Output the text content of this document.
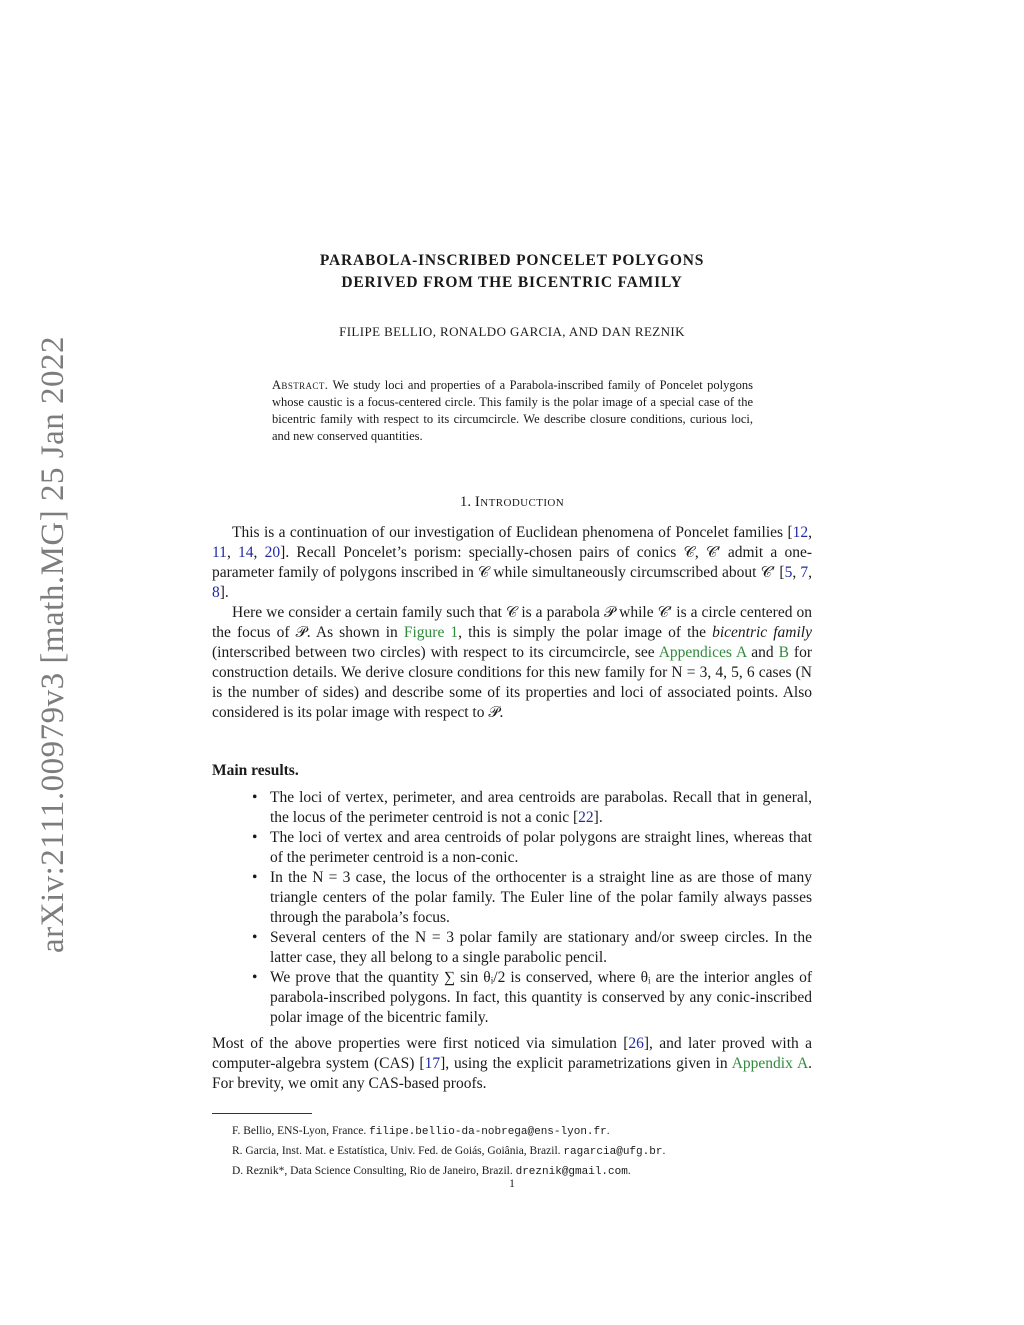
arXiv:2111.00979v3 [math.MG] 25 Jan 2022
PARABOLA-INSCRIBED PONCELET POLYGONS
DERIVED FROM THE BICENTRIC FAMILY
FILIPE BELLIO, RONALDO GARCIA, AND DAN REZNIK
Abstract. We study loci and properties of a Parabola-inscribed family of Poncelet polygons whose caustic is a focus-centered circle. This family is the polar image of a special case of the bicentric family with respect to its circumcircle. We describe closure conditions, curious loci, and new conserved quantities.
1. Introduction

This is a continuation of our investigation of Euclidean phenomena of Poncelet families [12, 11, 14, 20]. Recall Poncelet’s porism: specially-chosen pairs of conics 𝒞, 𝒞′ admit a one-parameter family of polygons inscribed in 𝒞 while simultaneously circumscribed about 𝒞′ [5, 7, 8].

Here we consider a certain family such that 𝒞 is a parabola 𝒫 while 𝒞′ is a circle centered on the focus of 𝒫. As shown in Figure 1, this is simply the polar image of the bicentric family (interscribed between two circles) with respect to its circumcircle, see Appendices A and B for construction details. We derive closure conditions for this new family for N = 3, 4, 5, 6 cases (N is the number of sides) and describe some of its properties and loci of associated points. Also considered is its polar image with respect to 𝒫.

Main results.
• The loci of vertex, perimeter, and area centroids are parabolas. Recall that in general, the locus of the perimeter centroid is not a conic [22].
• The loci of vertex and area centroids of polar polygons are straight lines, whereas that of the perimeter centroid is a non-conic.
• In the N = 3 case, the locus of the orthocenter is a straight line as are those of many triangle centers of the polar family. The Euler line of the polar family always passes through the parabola’s focus.
• Several centers of the N = 3 polar family are stationary and/or sweep circles. In the latter case, they all belong to a single parabolic pencil.
• We prove that the quantity ∑ sin θᵢ/2 is conserved, where θᵢ are the interior angles of parabola-inscribed polygons. In fact, this quantity is conserved by any conic-inscribed polar image of the bicentric family.

Most of the above properties were first noticed via simulation [26], and later proved with a computer-algebra system (CAS) [17], using the explicit parametrizations given in Appendix A. For brevity, we omit any CAS-based proofs.

F. Bellio, ENS-Lyon, France. filipe.bellio-da-nobrega@ens-lyon.fr.
R. Garcia, Inst. Mat. e Estatística, Univ. Fed. de Goiás, Goiânia, Brazil. ragarcia@ufg.br.
D. Reznik*, Data Science Consulting, Rio de Janeiro, Brazil. dreznik@gmail.com.
1
